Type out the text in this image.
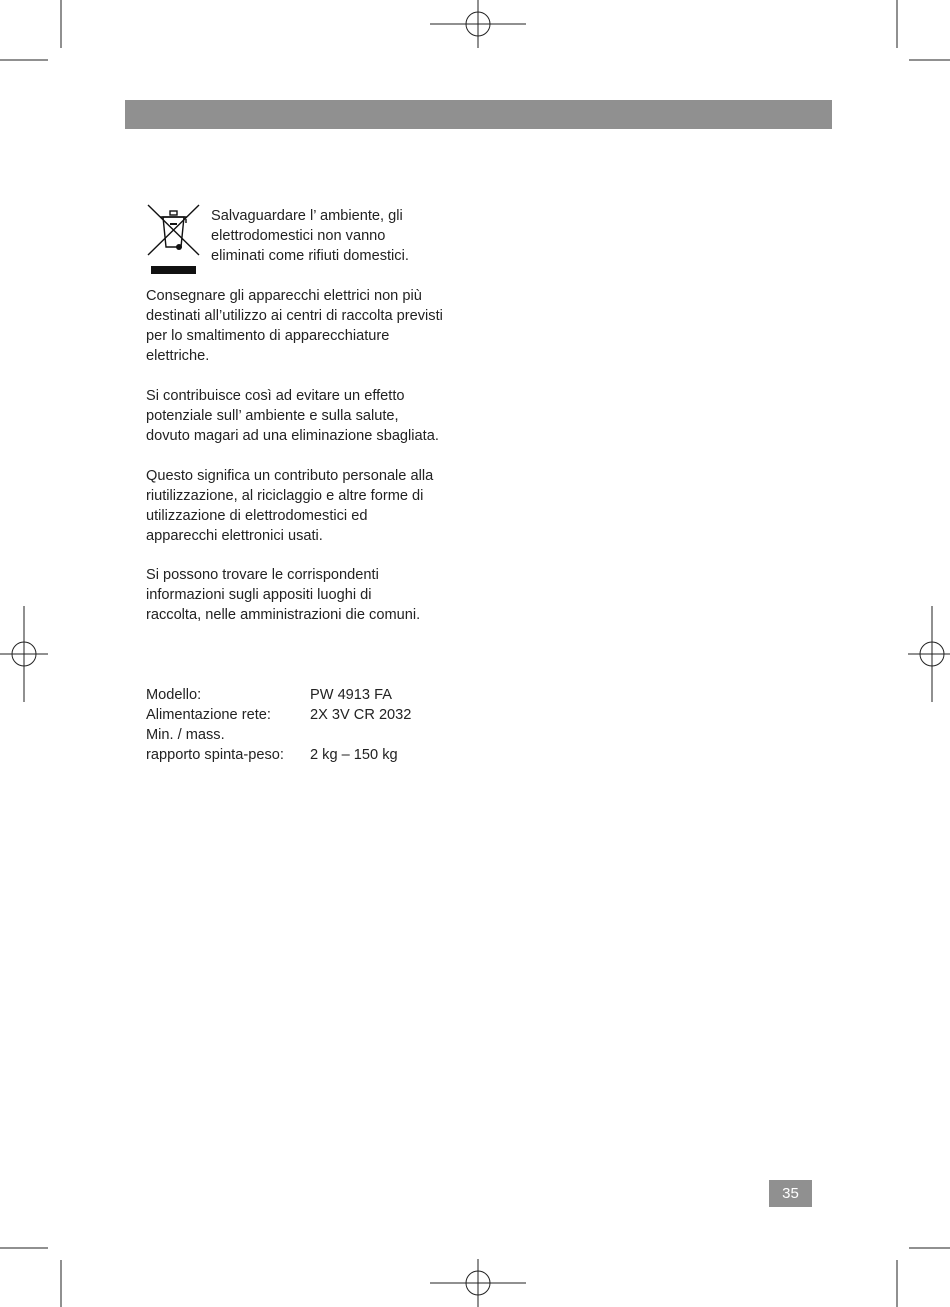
Salvaguardare l’ ambiente, gli
elettrodomestici non vanno
eliminati come rifiuti domestici.
Consegnare gli apparecchi elettrici non più
destinati all’utilizzo ai centri di raccolta previsti
per lo smaltimento di apparecchiature
elettriche.
Si contribuisce così ad evitare un effetto
potenziale sull’ ambiente e sulla salute,
dovuto magari ad una eliminazione sbagliata.
Questo significa un contributo personale alla
riutilizzazione, al riciclaggio e altre forme di
utilizzazione di elettrodomestici ed
apparecchi elettronici usati.
Si possono trovare le corrispondenti
informazioni sugli appositi luoghi di
raccolta, nelle amministrazioni die comuni.
Modello:	PW 4913 FA
Alimentazione rete:	2X 3V CR 2032
Min. / mass.
rapporto spinta-peso:	2 kg – 150 kg
35
